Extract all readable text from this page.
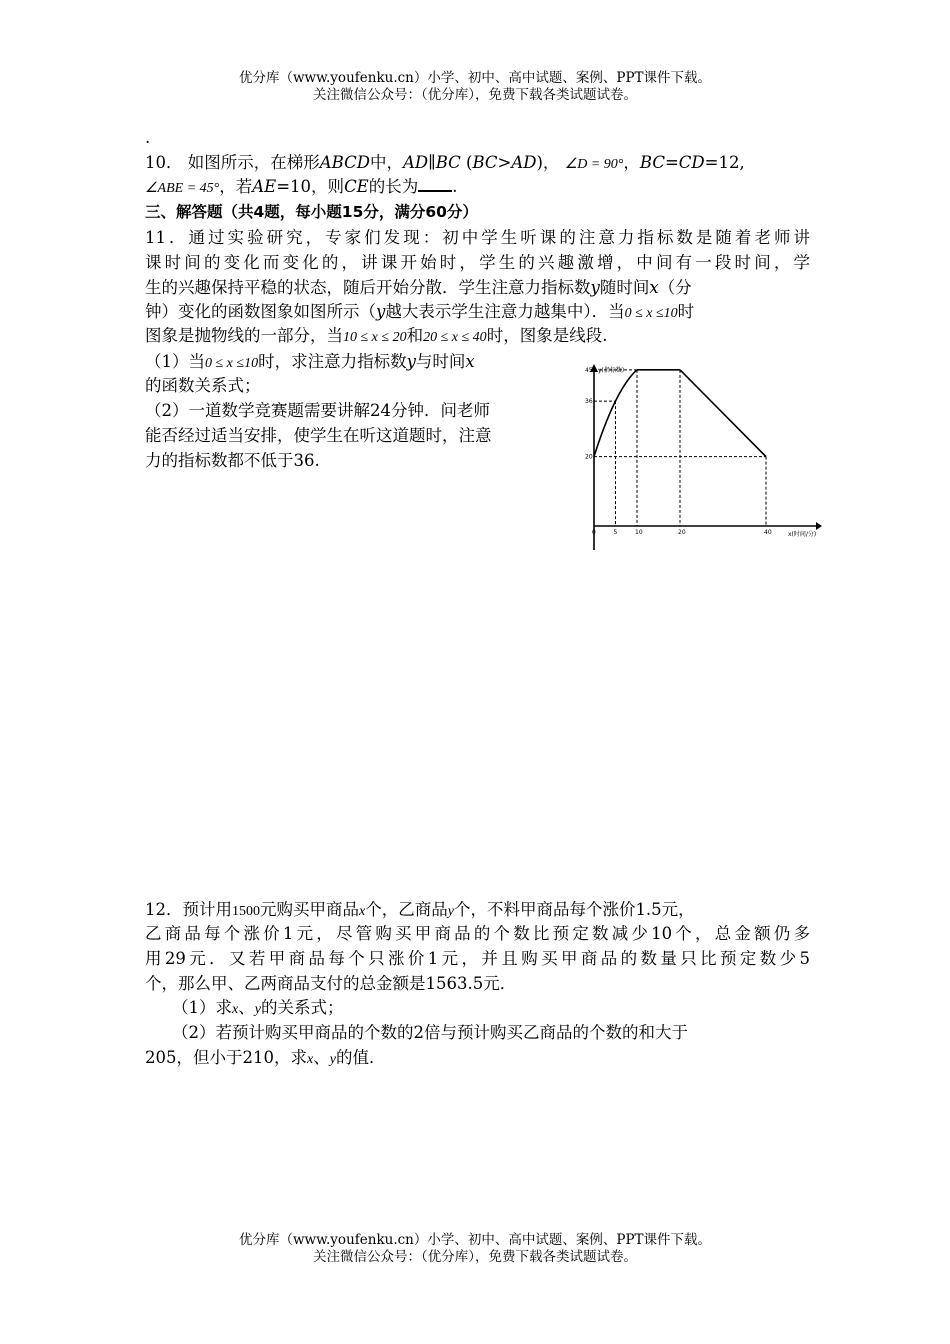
优分库（www.youfenku.cn）小学、初中、高中试题、案例、PPT课件下载。
关注微信公众号：（优分库），免费下载各类试题试卷。
.
10． 如图所示，在梯形ABCD中，AD∥BC (BC>AD)， ∠D = 90°，BC=CD=12,
∠ABE = 45°，若AE=10，则CE的长为 .
三、解答题（共4题，每小题15分，满分60分）
11．通过实验研究，专家们发现：初中学生听课的注意力指标数是随着老师讲
课时间的变化而变化的，讲课开始时，学生的兴趣激增，中间有一段时间，学
生的兴趣保持平稳的状态，随后开始分散．学生注意力指标数y随时间x（分
钟）变化的函数图象如图所示（y越大表示学生注意力越集中）．当0 ≤ x ≤10时
图象是抛物线的一部分，当10 ≤ x ≤ 20和20 ≤ x ≤ 40时，图象是线段.
（1）当0 ≤ x ≤10时，求注意力指标数y与时间x
的函数关系式；
（2）一道数学竞赛题需要讲解24分钟．问老师
能否经过适当安排，使学生在听这道题时，注意
力的指标数都不低于36.
y(指标数)
x(时间/分)
0	5	10	20	40
45
36
20
12．预计用1500元购买甲商品x个，乙商品y个，不料甲商品每个涨价1.5元，
乙商品每个涨价1元，尽管购买甲商品的个数比预定数减少10个，总金额仍多
用29元．又若甲商品每个只涨价1元，并且购买甲商品的数量只比预定数少5
个，那么甲、乙两商品支付的总金额是1563.5元．
（1）求x、y的关系式；
（2）若预计购买甲商品的个数的2倍与预计购买乙商品的个数的和大于
205，但小于210，求x、y的值．
优分库（www.youfenku.cn）小学、初中、高中试题、案例、PPT课件下载。
关注微信公众号：（优分库），免费下载各类试题试卷。
